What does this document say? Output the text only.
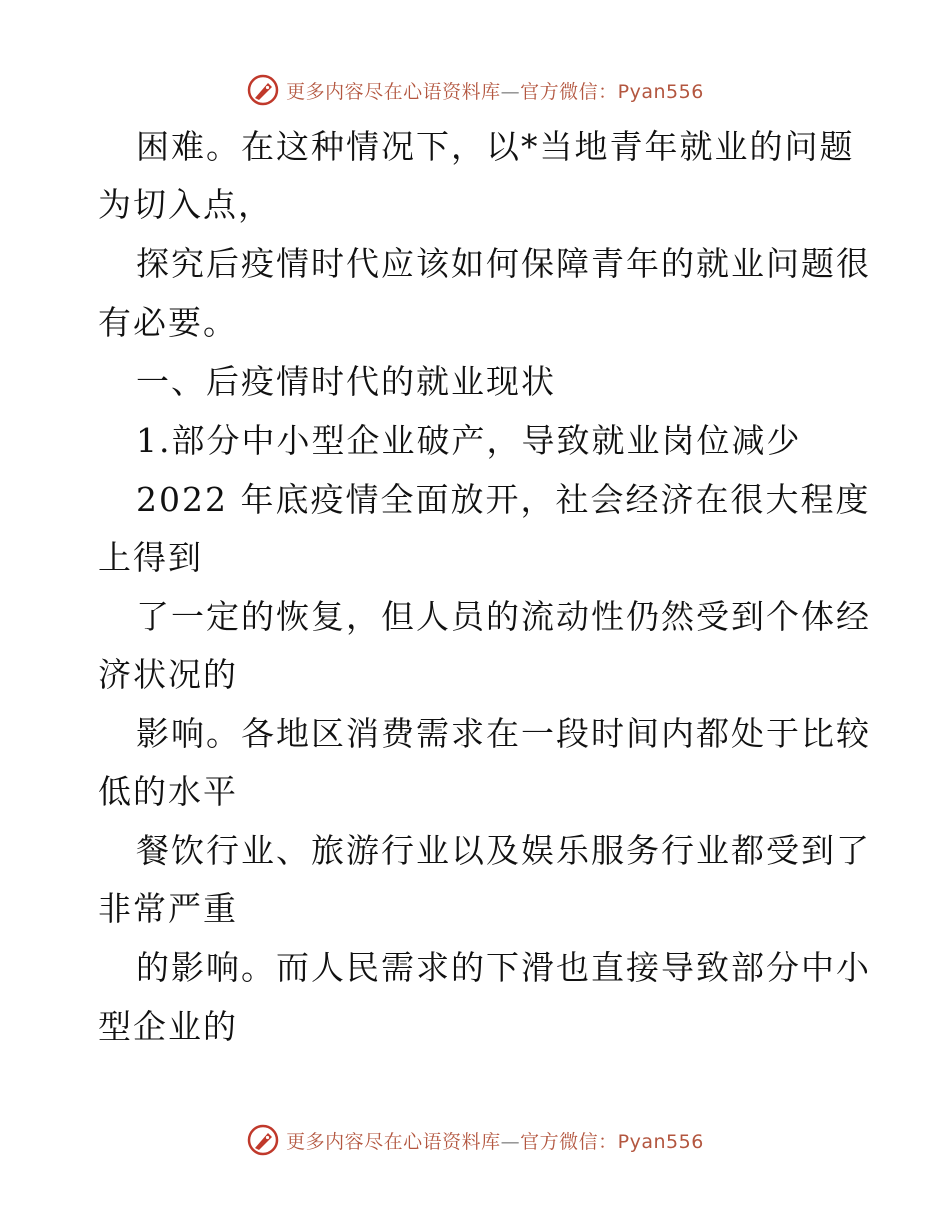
更多内容尽在心语资料库—官方微信：Pyan556
困难。在这种情况下，以*当地青年就业的问题
为切入点，
探究后疫情时代应该如何保障青年的就业问题很
有必要。
一、后疫情时代的就业现状
1.部分中小型企业破产，导致就业岗位减少
2022 年底疫情全面放开，社会经济在很大程度
上得到
了一定的恢复，但人员的流动性仍然受到个体经
济状况的
影响。各地区消费需求在一段时间内都处于比较
低的水平
餐饮行业、旅游行业以及娱乐服务行业都受到了
非常严重
的影响。而人民需求的下滑也直接导致部分中小
型企业的
更多内容尽在心语资料库—官方微信：Pyan556
